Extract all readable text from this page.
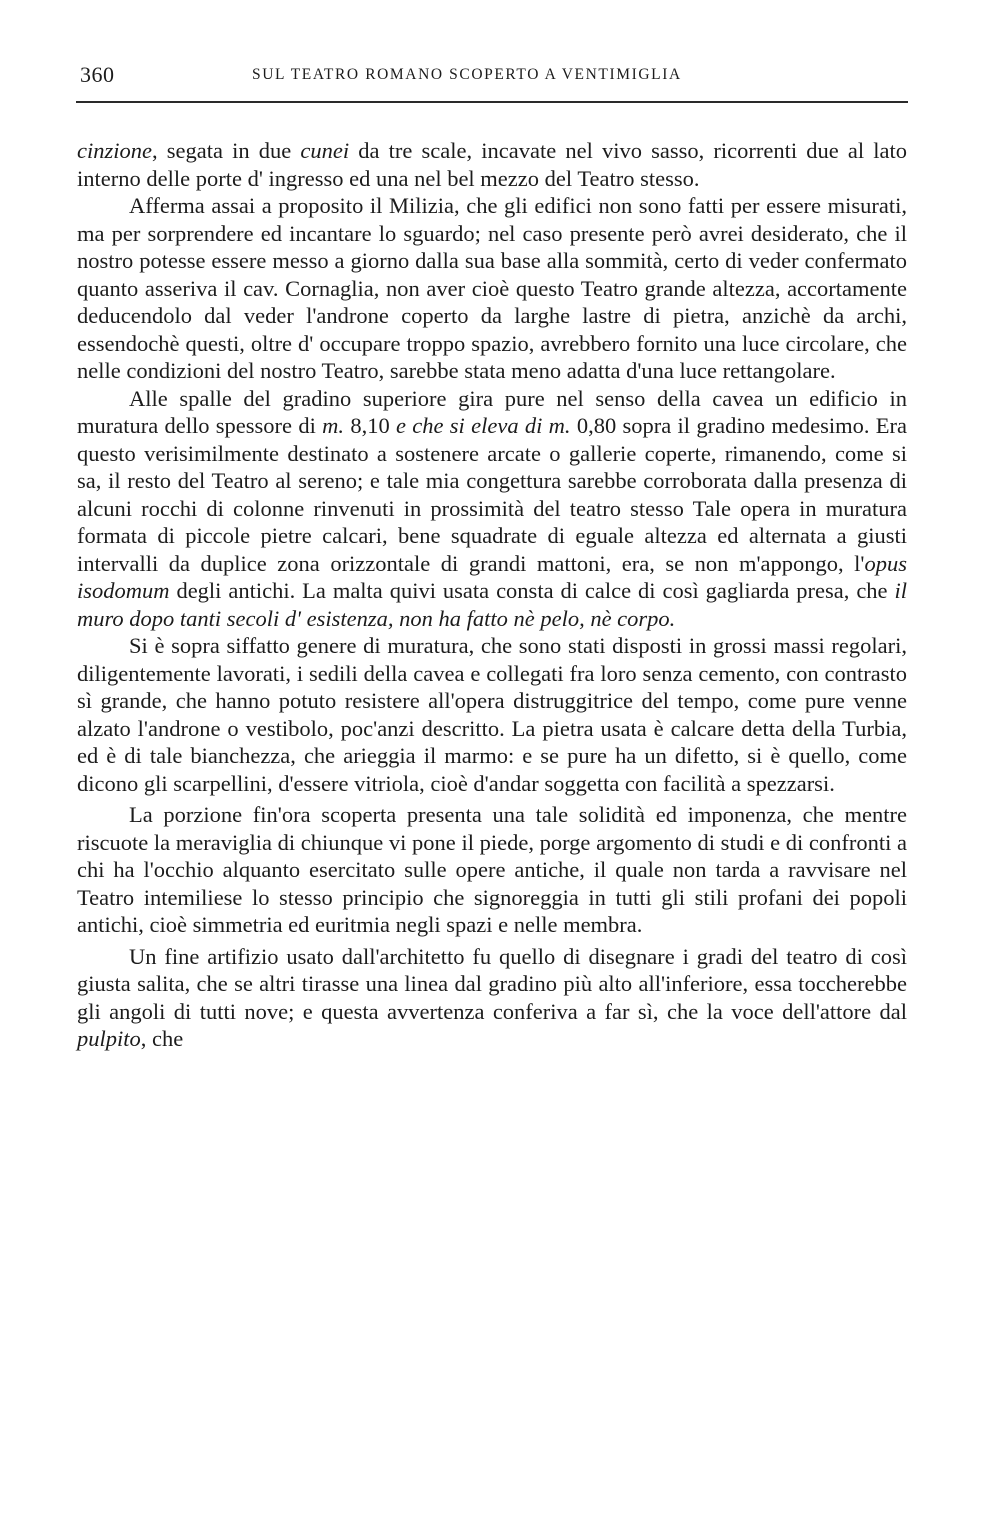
360	SUL TEATRO ROMANO SCOPERTO A VENTIMIGLIA

cinzione, segata in due cunei da tre scale, incavate nel vivo sasso, ricorrenti due al lato interno delle porte d' ingresso ed una nel bel mezzo del Teatro stesso.

Afferma assai a proposito il Milizia, che gli edifici non sono fatti per essere misurati, ma per sorprendere ed incantare lo sguardo; nel caso presente però avrei desiderato, che il nostro potesse essere messo a giorno dalla sua base alla sommità, certo di veder confermato quanto asseriva il cav. Cornaglia, non aver cioè questo Teatro grande altezza, accortamente deducendolo dal veder l'androne coperto da larghe lastre di pietra, anzichè da archi, essendochè questi, oltre d' occupare troppo spazio, avrebbero fornito una luce circolare, che nelle condizioni del nostro Teatro, sarebbe stata meno adatta d'una luce rettangolare.

Alle spalle del gradino superiore gira pure nel senso della cavea un edificio in muratura dello spessore di m. 8,10 e che si eleva di m. 0,80 sopra il gradino medesimo. Era questo verisimilmente destinato a sostenere arcate o gallerie coperte, rimanendo, come si sa, il resto del Teatro al sereno; e tale mia congettura sarebbe corroborata dalla presenza di alcuni rocchi di colonne rinvenuti in prossimità del teatro stesso Tale opera in muratura formata di piccole pietre calcari, bene squadrate di eguale altezza ed alternata a giusti intervalli da duplice zona orizzontale di grandi mattoni, era, se non m'appongo, l'opus isodomum degli antichi. La malta quivi usata consta di calce di così gagliarda presa, che il muro dopo tanti secoli d' esistenza, non ha fatto nè pelo, nè corpo.

Si è sopra siffatto genere di muratura, che sono stati disposti in grossi massi regolari, diligentemente lavorati, i sedili della cavea e collegati fra loro senza cemento, con contrasto sì grande, che hanno potuto resistere all'opera distruggitrice del tempo, come pure venne alzato l'androne o vestibolo, poc'anzi descritto. La pietra usata è calcare detta della Turbia, ed è di tale bianchezza, che arieggia il marmo: e se pure ha un difetto, si è quello, come dicono gli scarpellini, d'essere vitriola, cioè d'andar soggetta con facilità a spezzarsi.

La porzione fin'ora scoperta presenta una tale solidità ed imponenza, che mentre riscuote la meraviglia di chiunque vi pone il piede, porge argomento di studi e di confronti a chi ha l'occhio alquanto esercitato sulle opere antiche, il quale non tarda a ravvisare nel Teatro intemiliese lo stesso principio che signoreggia in tutti gli stili profani dei popoli antichi, cioè simmetria ed euritmia negli spazi e nelle membra.

Un fine artifizio usato dall'architetto fu quello di disegnare i gradi del teatro di così giusta salita, che se altri tirasse una linea dal gradino più alto all'inferiore, essa toccherebbe gli angoli di tutti nove; e questa avvertenza conferiva a far sì, che la voce dell'attore dal pulpito, che
